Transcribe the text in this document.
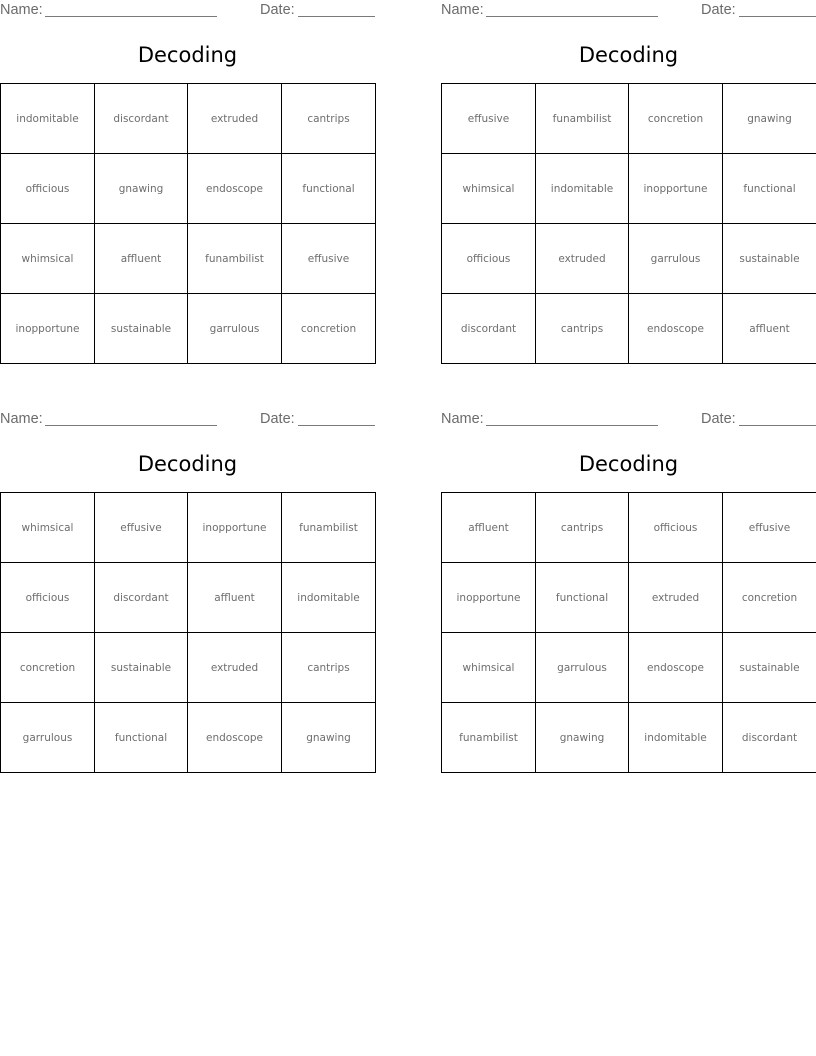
Name:	Date:
Decoding
indomitable	discordant	extruded	cantrips
officious	gnawing	endoscope	functional
whimsical	affluent	funambilist	effusive
inopportune	sustainable	garrulous	concretion
Name:	Date:
Decoding
effusive	funambilist	concretion	gnawing
whimsical	indomitable	inopportune	functional
officious	extruded	garrulous	sustainable
discordant	cantrips	endoscope	affluent
Name:	Date:
Decoding
whimsical	effusive	inopportune	funambilist
officious	discordant	affluent	indomitable
concretion	sustainable	extruded	cantrips
garrulous	functional	endoscope	gnawing
Name:	Date:
Decoding
affluent	cantrips	officious	effusive
inopportune	functional	extruded	concretion
whimsical	garrulous	endoscope	sustainable
funambilist	gnawing	indomitable	discordant
